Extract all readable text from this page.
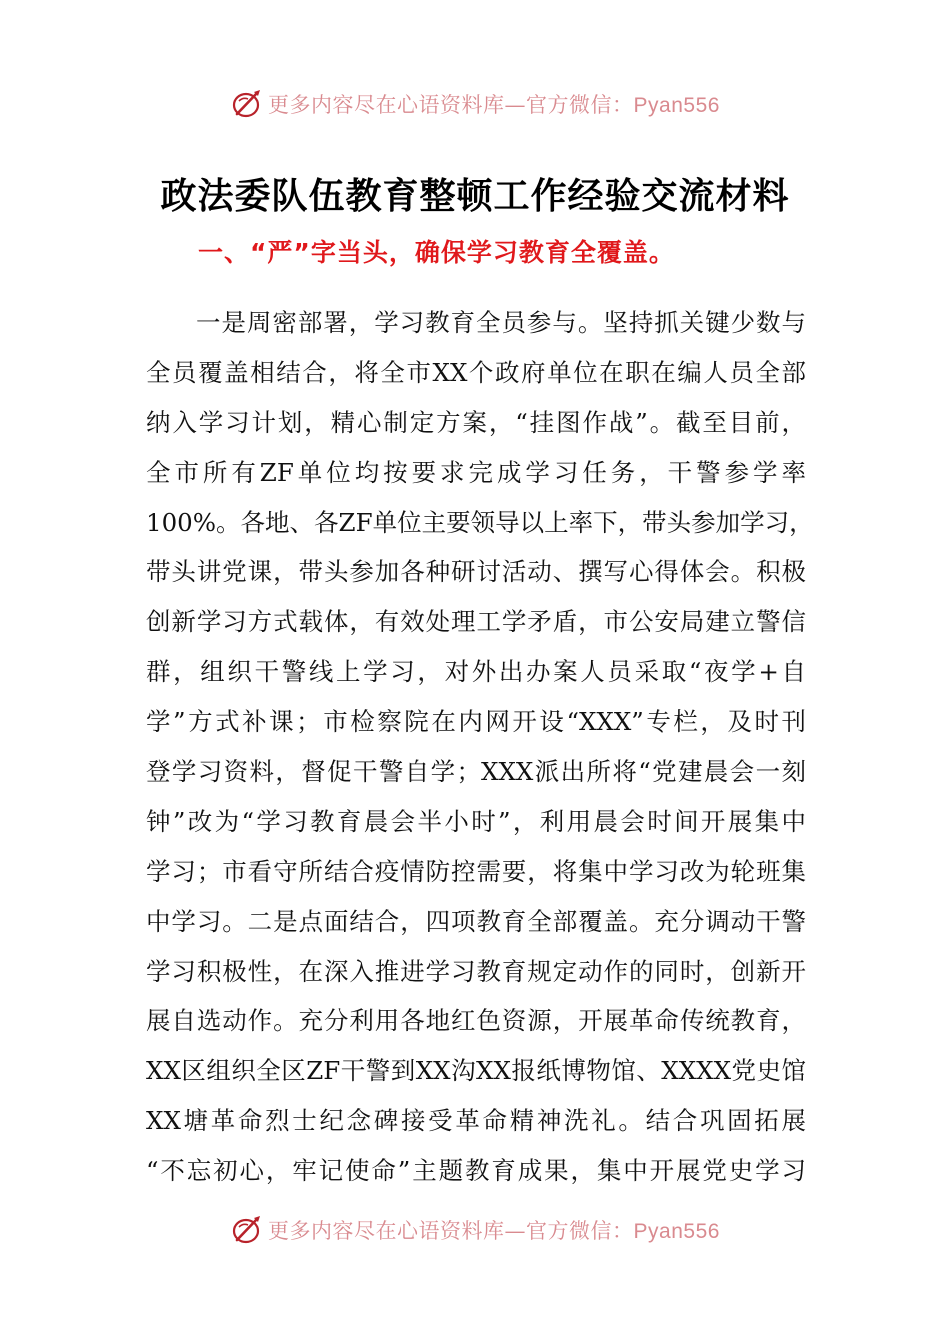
更多内容尽在心语资料库—官方微信：Pyan556
政法委队伍教育整顿工作经验交流材料
一、“严”字当头，确保学习教育全覆盖。
一是周密部署，学习教育全员参与。坚持抓关键少数与
全员覆盖相结合，将全市XX个政府单位在职在编人员全部
纳入学习计划，精心制定方案，“挂图作战”。截至目前，
全市所有ZF单位均按要求完成学习任务，干警参学率
100%。各地、各ZF单位主要领导以上率下，带头参加学习，
带头讲党课，带头参加各种研讨活动、撰写心得体会。积极
创新学习方式载体，有效处理工学矛盾，市公安局建立警信
群，组织干警线上学习，对外出办案人员采取“夜学+自
学”方式补课；市检察院在内网开设“XXX”专栏，及时刊
登学习资料，督促干警自学；XXX派出所将“党建晨会一刻
钟”改为“学习教育晨会半小时”，利用晨会时间开展集中
学习；市看守所结合疫情防控需要，将集中学习改为轮班集
中学习。二是点面结合，四项教育全部覆盖。充分调动干警
学习积极性，在深入推进学习教育规定动作的同时，创新开
展自选动作。充分利用各地红色资源，开展革命传统教育，
XX区组织全区ZF干警到XX沟XX报纸博物馆、XXXX党史馆
XX塘革命烈士纪念碑接受革命精神洗礼。结合巩固拓展
“不忘初心，牢记使命”主题教育成果，集中开展党史学习
更多内容尽在心语资料库—官方微信：Pyan556
